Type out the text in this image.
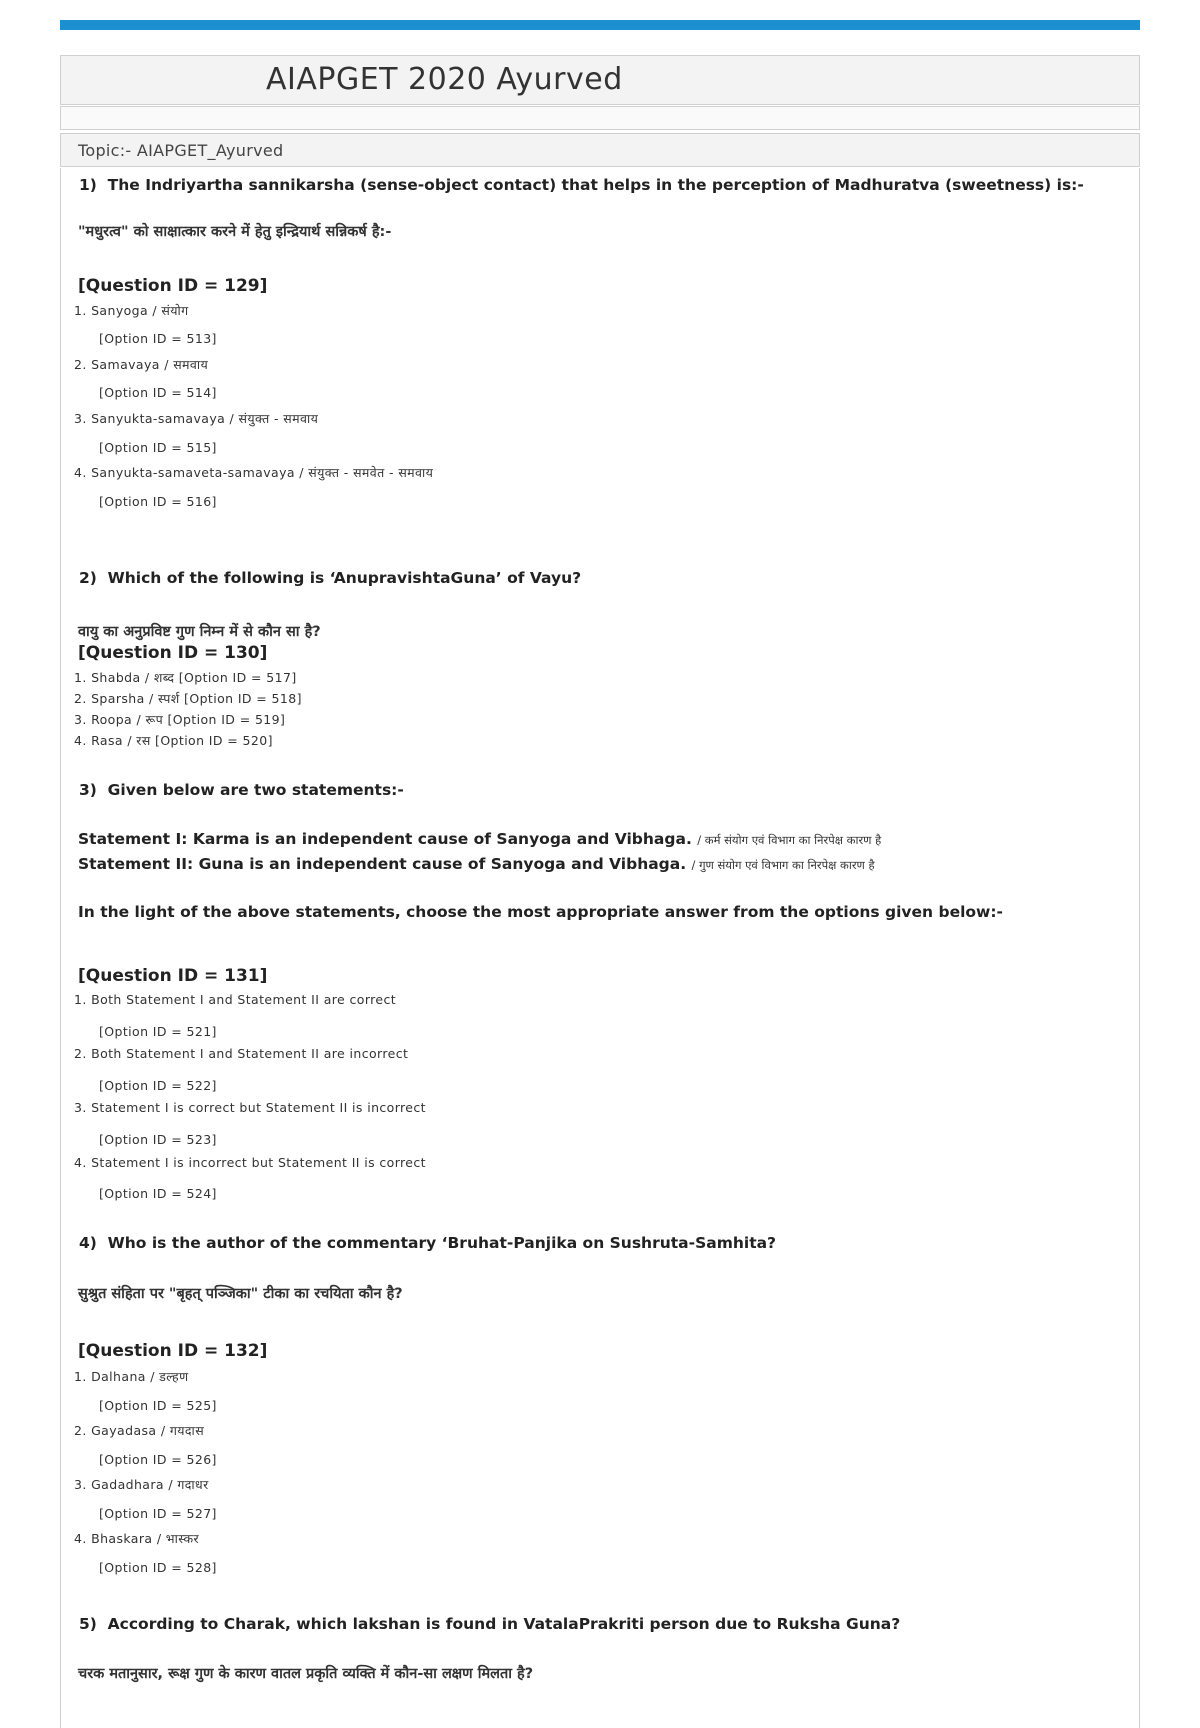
AIAPGET 2020 Ayurved
Topic:- AIAPGET_Ayurved
1) The Indriyartha sannikarsha (sense-object contact) that helps in the perception of Madhuratva (sweetness) is:-
"मधुरत्व" को साक्षात्कार करने में हेतु इन्द्रियार्थ सन्निकर्ष है:-
[Question ID = 129]
1. Sanyoga / संयोग
[Option ID = 513]
2. Samavaya / समवाय
[Option ID = 514]
3. Sanyukta-samavaya / संयुक्त - समवाय
[Option ID = 515]
4. Sanyukta-samaveta-samavaya / संयुक्त - समवेत - समवाय
[Option ID = 516]
2) Which of the following is ‘AnupravishtaGuna’ of Vayu?
वायु का अनुप्रविष्ट गुण निम्न में से कौन सा है?
[Question ID = 130]
1. Shabda / शब्द [Option ID = 517]
2. Sparsha / स्पर्श [Option ID = 518]
3. Roopa / रूप [Option ID = 519]
4. Rasa / रस [Option ID = 520]
3) Given below are two statements:-
Statement I: Karma is an independent cause of Sanyoga and Vibhaga. / कर्म संयोग एवं विभाग का निरपेक्ष कारण है
Statement II: Guna is an independent cause of Sanyoga and Vibhaga. / गुण संयोग एवं विभाग का निरपेक्ष कारण है
In the light of the above statements, choose the most appropriate answer from the options given below:-
[Question ID = 131]
1. Both Statement I and Statement II are correct
[Option ID = 521]
2. Both Statement I and Statement II are incorrect
[Option ID = 522]
3. Statement I is correct but Statement II is incorrect
[Option ID = 523]
4. Statement I is incorrect but Statement II is correct
[Option ID = 524]
4) Who is the author of the commentary ‘Bruhat-Panjika on Sushruta-Samhita?
सुश्रुत संहिता पर "बृहत् पञ्जिका" टीका का रचयिता कौन है?
[Question ID = 132]
1. Dalhana / डल्हण
[Option ID = 525]
2. Gayadasa / गयदास
[Option ID = 526]
3. Gadadhara / गदाधर
[Option ID = 527]
4. Bhaskara / भास्कर
[Option ID = 528]
5) According to Charak, which lakshan is found in VatalaPrakriti person due to Ruksha Guna?
चरक मतानुसार, रूक्ष गुण के कारण वातल प्रकृति व्यक्ति में कौन-सा लक्षण मिलता है?
